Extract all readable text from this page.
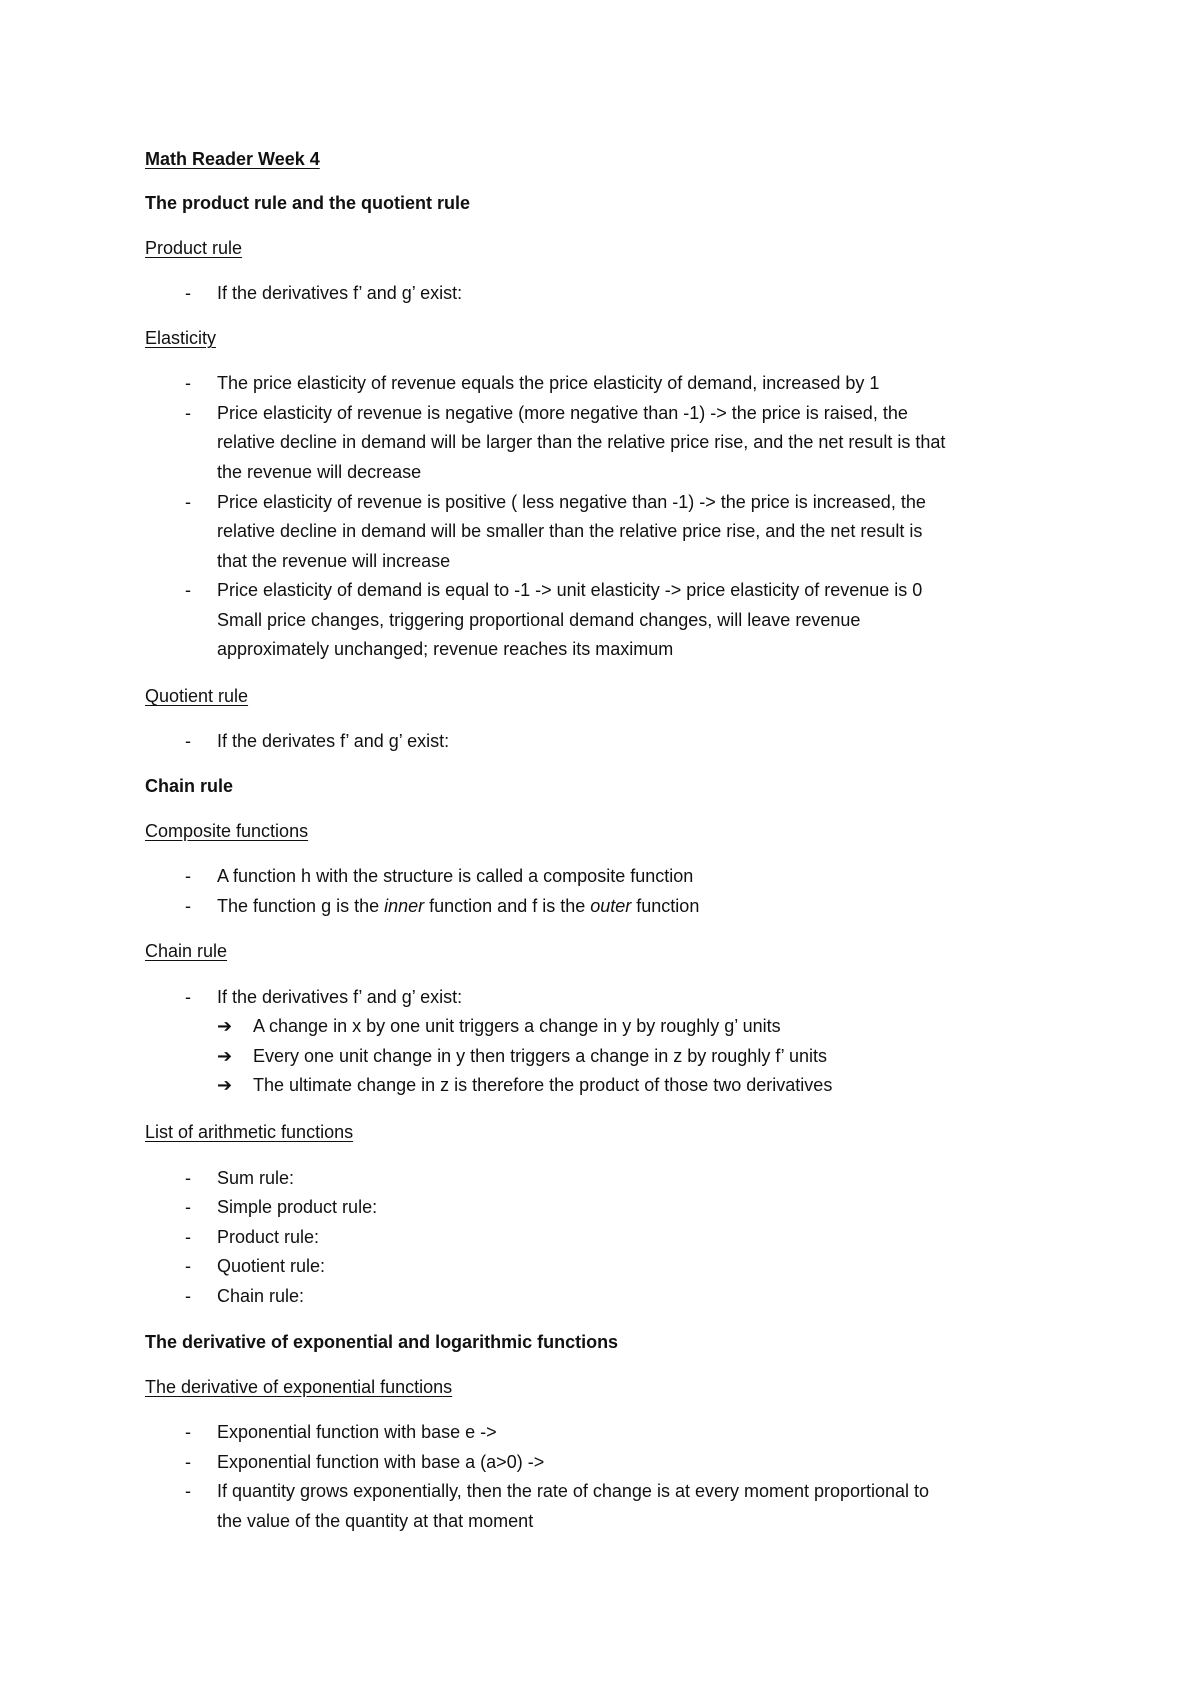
Math Reader Week 4
The product rule and the quotient rule
Product rule
- If the derivatives f’ and g’ exist:
Elasticity
- The price elasticity of revenue equals the price elasticity of demand, increased by 1
- Price elasticity of revenue is negative (more negative than -1) -> the price is raised, the
relative decline in demand will be larger than the relative price rise, and the net result is that
the revenue will decrease
- Price elasticity of revenue is positive ( less negative than -1) -> the price is increased, the
relative decline in demand will be smaller than the relative price rise, and the net result is
that the revenue will increase
- Price elasticity of demand is equal to -1 -> unit elasticity -> price elasticity of revenue is 0
Small price changes, triggering proportional demand changes, will leave revenue
approximately unchanged; revenue reaches its maximum
Quotient rule
- If the derivates f’ and g’ exist:
Chain rule
Composite functions
- A function h with the structure is called a composite function
- The function g is the inner function and f is the outer function
Chain rule
- If the derivatives f’ and g’ exist:
➔ A change in x by one unit triggers a change in y by roughly g’ units
➔ Every one unit change in y then triggers a change in z by roughly f’ units
➔ The ultimate change in z is therefore the product of those two derivatives
List of arithmetic functions
- Sum rule:
- Simple product rule:
- Product rule:
- Quotient rule:
- Chain rule:
The derivative of exponential and logarithmic functions
The derivative of exponential functions
- Exponential function with base e ->
- Exponential function with base a (a>0) ->
- If quantity grows exponentially, then the rate of change is at every moment proportional to
the value of the quantity at that moment
